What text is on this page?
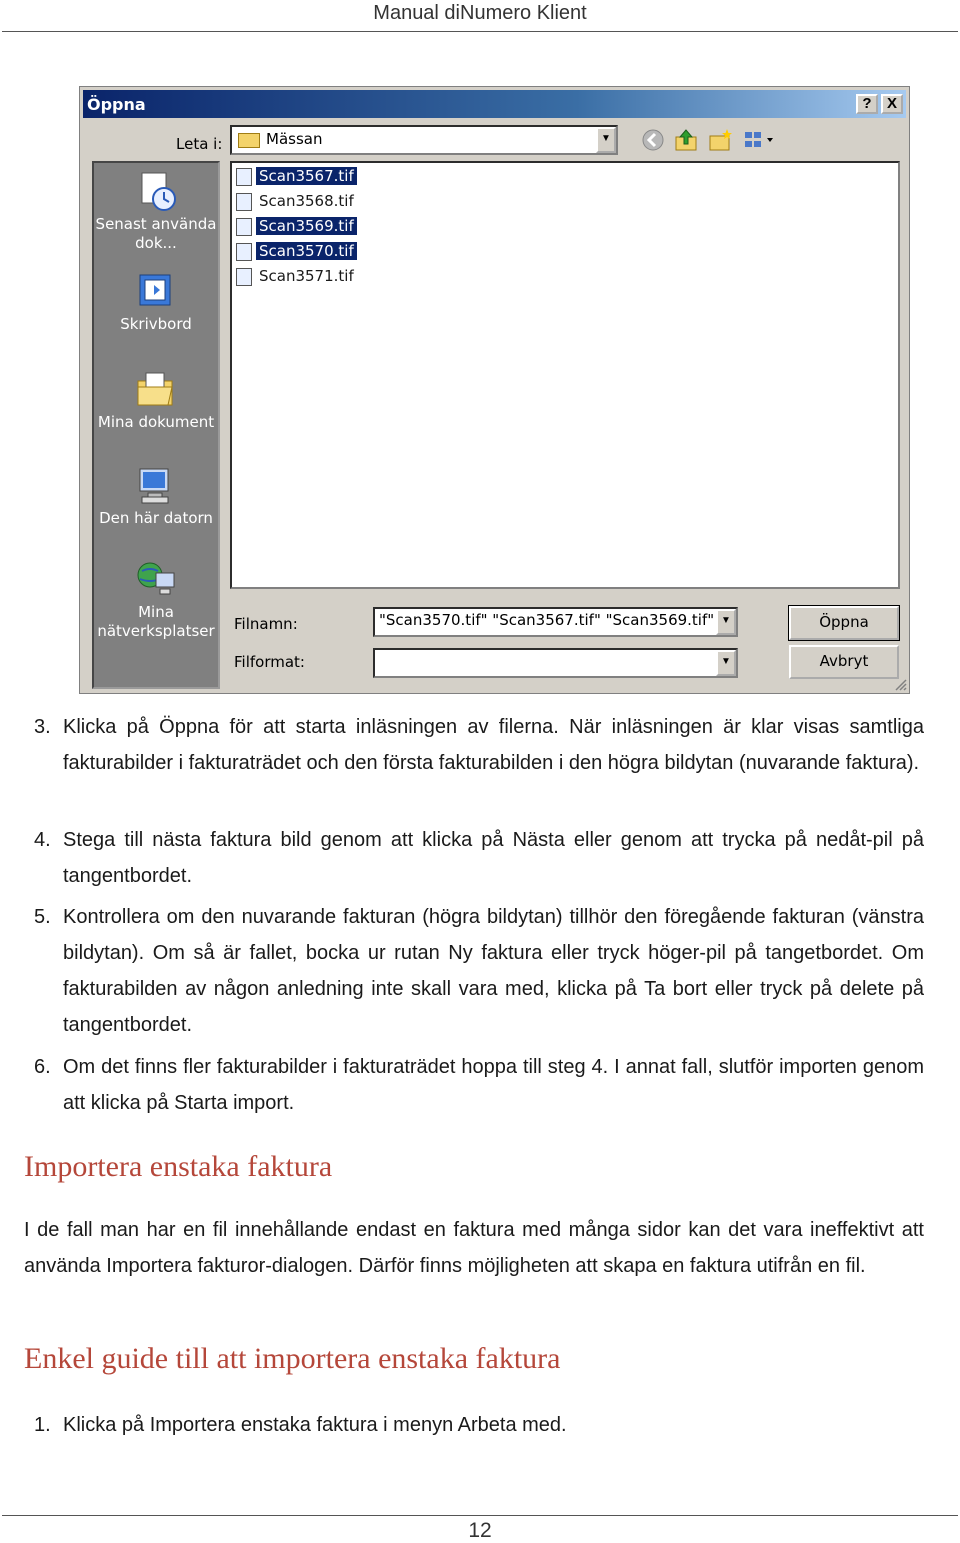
Manual diNumero Klient
Öppna	?	X
Leta i:	Mässan	▼
Senast använda dok...
Skrivbord
Mina dokument
Den här datorn
Mina nätverksplatser
Scan3567.tif
Scan3568.tif
Scan3569.tif
Scan3570.tif
Scan3571.tif
Filnamn:	"Scan3570.tif" "Scan3567.tif" "Scan3569.tif" ▼
Filformat:	▼
Öppna
Avbryt
3. Klicka på Öppna för att starta inläsningen av filerna. När inläsningen är klar visas samtliga fakturabilder i fakturaträdet och den första fakturabilden i den högra bildytan (nuvarande faktura).
4. Stega till nästa faktura bild genom att klicka på Nästa eller genom att trycka på nedåt-pil på tangentbordet.
5. Kontrollera om den nuvarande fakturan (högra bildytan) tillhör den föregående fakturan (vänstra bildytan). Om så är fallet, bocka ur rutan Ny faktura eller tryck höger-pil på tangetbordet. Om fakturabilden av någon anledning inte skall vara med, klicka på Ta bort eller tryck på delete på tangentbordet.
6. Om det finns fler fakturabilder i fakturaträdet hoppa till steg 4. I annat fall, slutför importen genom att klicka på Starta import.
Importera enstaka faktura
I de fall man har en fil innehållande endast en faktura med många sidor kan det vara ineffektivt att använda Importera fakturor-dialogen. Därför finns möjligheten att skapa en faktura utifrån en fil.
Enkel guide till att importera enstaka faktura
1. Klicka på Importera enstaka faktura i menyn Arbeta med.
12
